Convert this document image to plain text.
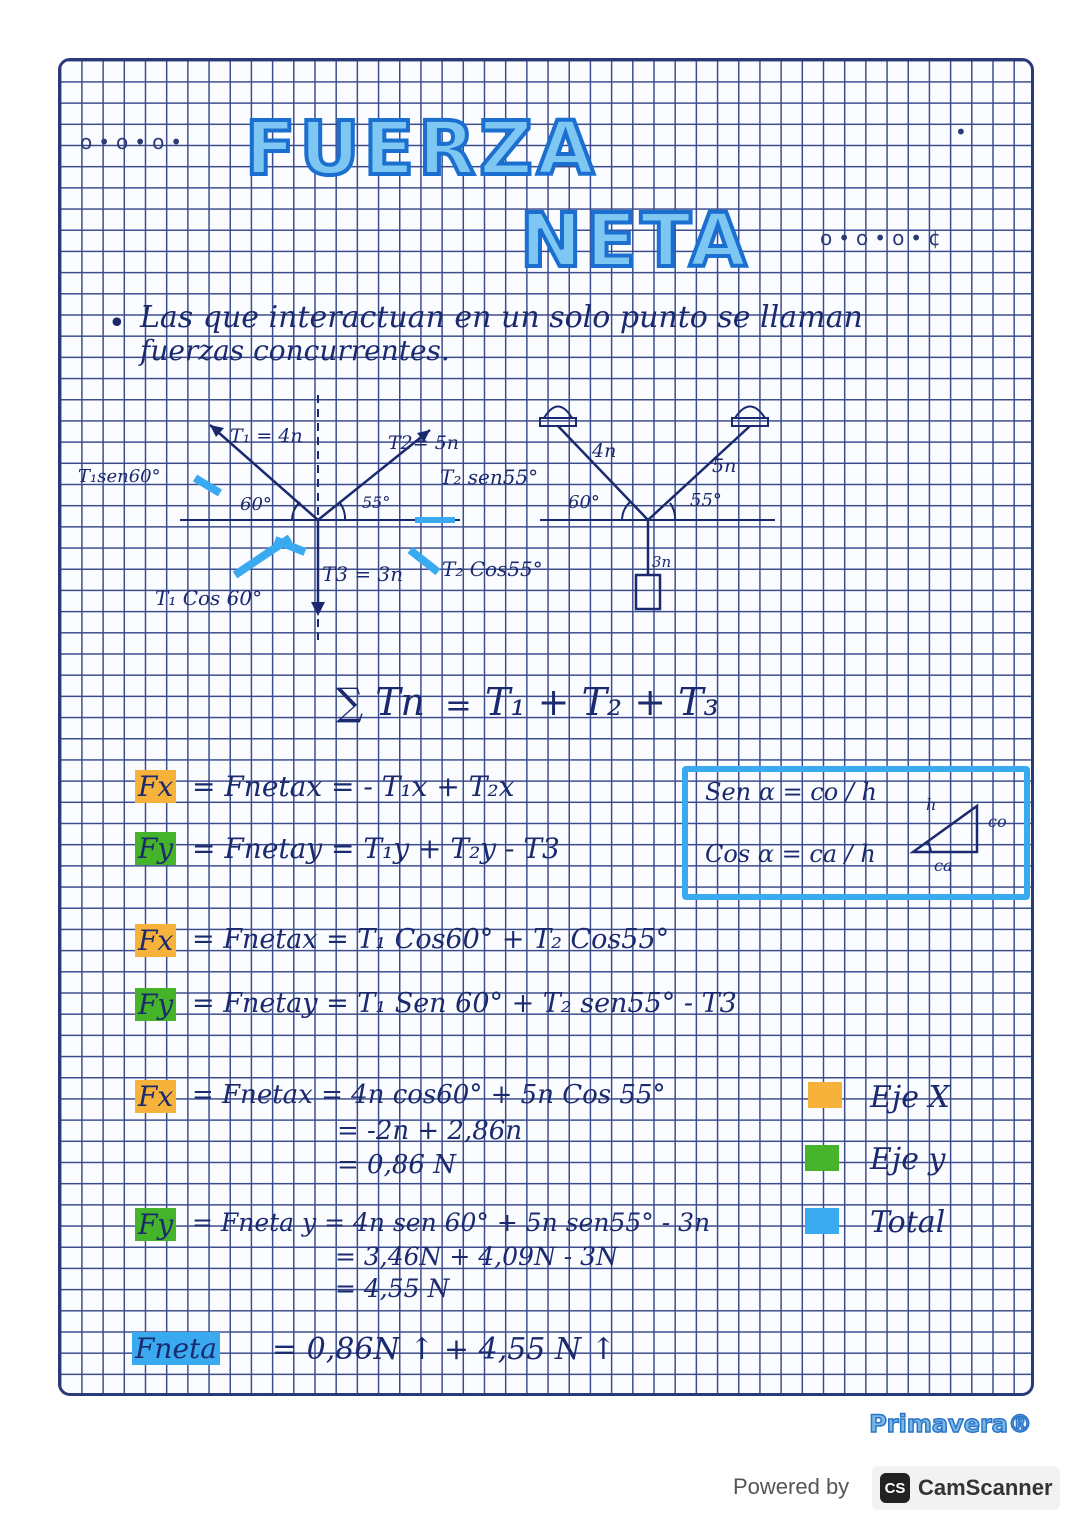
o•o•o• FUERZA
NETA	o•o•o•¢
•
• Las que interactuan en un solo punto se llaman
fuerzas concurrentes.
T₁ = 4n	T2= 5n
T3 = 3n
T₁sen60°
T₁ Cos 60°
T₂ sen55°
T₂ Cos55°
60°	55°
4n
5n
3n
60°	55°
∑ Tn = T₁ + T₂ + T₃
Fx = Fnetax = - T₁x + T₂x
Fy = Fnetay = T₁y + T₂y - T3
Sen α = co / h
Cos α = ca / h
h
co
ca
Fx = Fnetax = T₁ Cos60° + T₂ Cos55°
Fy = Fnetay = T₁ Sen 60° + T₂ sen55° - T3
Fx = Fnetax = 4n cos60° + 5n Cos 55°
= -2n + 2,86n
= 0,86 N
Fy = Fneta y = 4n sen 60° + 5n sen55° - 3n
= 3,46N + 4,09N - 3N
= 4,55 N
Eje X
Eje y
Total
Fneta = 0,86N ↑ + 4,55 N ↑
Primavera®
Powered by	CS CamScanner
